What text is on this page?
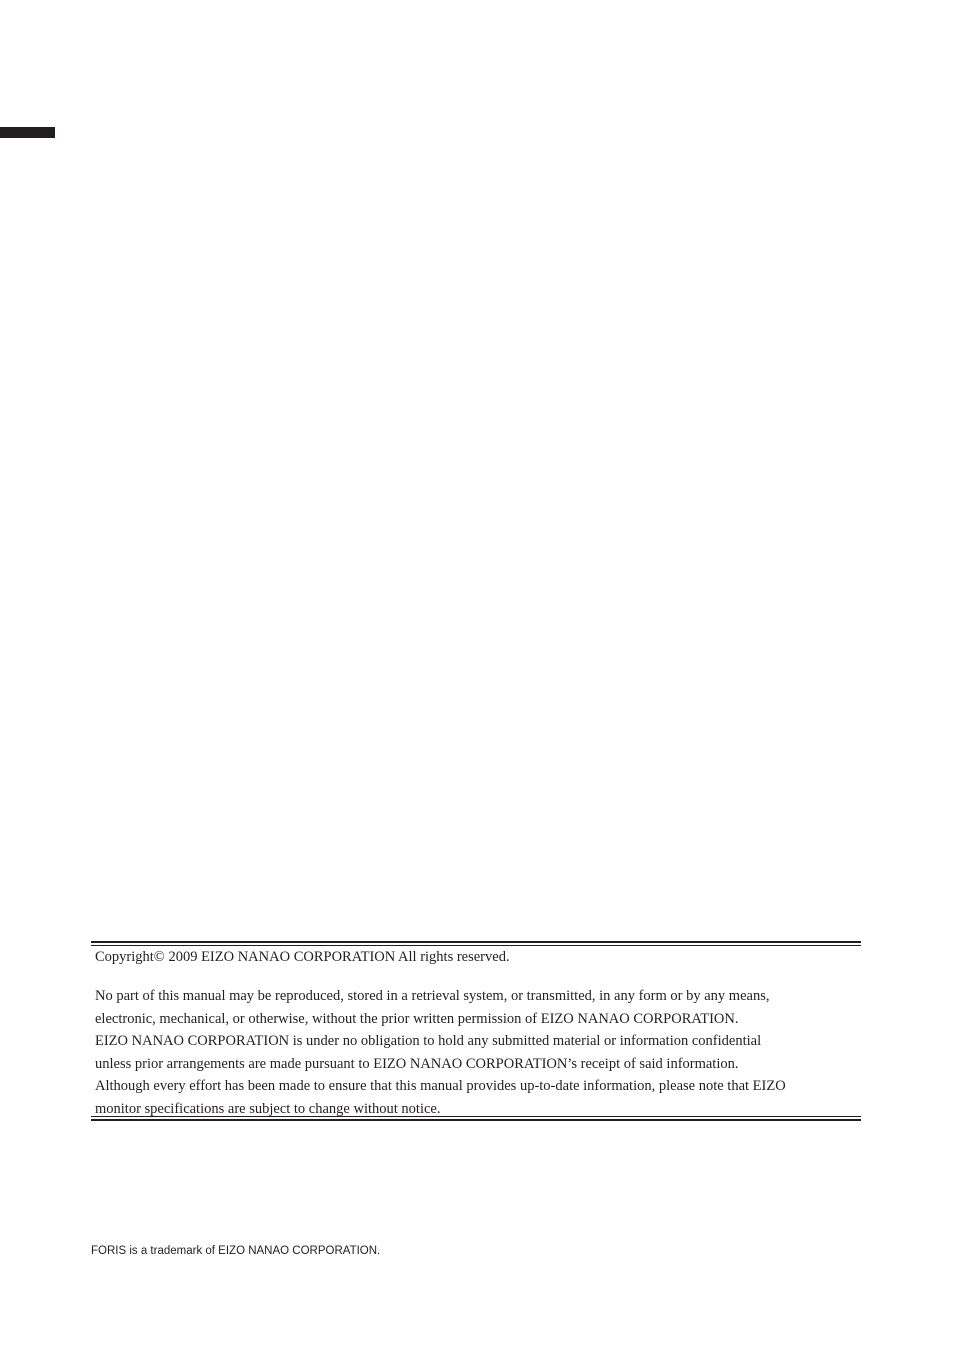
Copyright© 2009 EIZO NANAO CORPORATION All rights reserved.
No part of this manual may be reproduced, stored in a retrieval system, or transmitted, in any form or by any means,
electronic, mechanical, or otherwise, without the prior written permission of EIZO NANAO CORPORATION.
EIZO NANAO CORPORATION is under no obligation to hold any submitted material or information confidential
unless prior arrangements are made pursuant to EIZO NANAO CORPORATION’s receipt of said information.
Although every effort has been made to ensure that this manual provides up-to-date information, please note that EIZO
monitor specifications are subject to change without notice.
FORIS is a trademark of EIZO NANAO CORPORATION.
